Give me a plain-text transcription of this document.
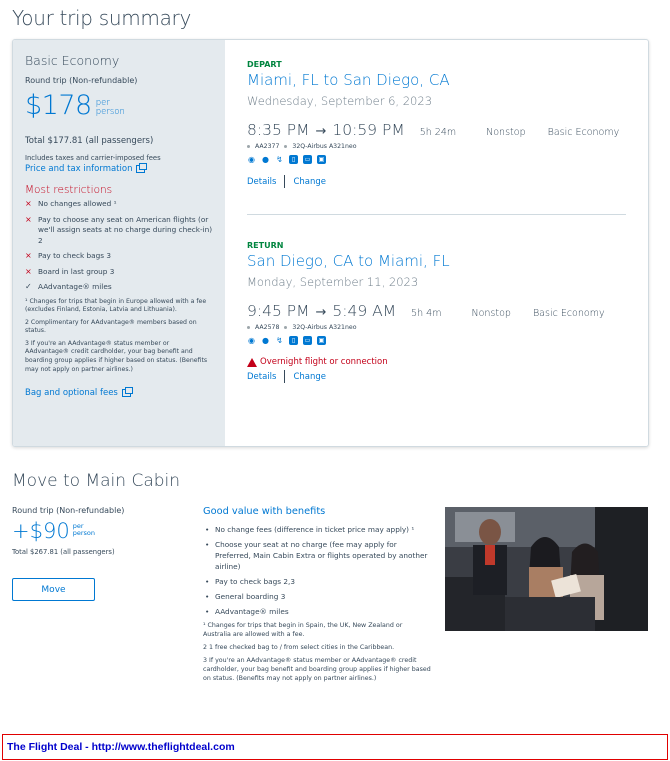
Your trip summary
Basic Economy
Round trip (Non-refundable)
$178 per
person
Total $177.81 (all passengers)
Includes taxes and carrier-imposed fees
Price and tax information
Most restrictions
× No changes allowed ¹
× Pay to choose any seat on American flights (or we'll assign seats at no charge during check-in) 2
× Pay to check bags 3
× Board in last group 3
✓ AAdvantage® miles
¹ Changes for trips that begin in Europe allowed with a fee (excludes Finland, Estonia, Latvia and Lithuania).
2 Complimentary for AAdvantage® members based on status.
3 If you're an AAdvantage® status member or AAdvantage® credit cardholder, your bag benefit and boarding group applies if higher based on status. (Benefits may not apply on partner airlines.)
Bag and optional fees
DEPART
Miami, FL to San Diego, CA
Wednesday, September 6, 2023
8:35 PM → 10:59 PM 5h 24m	Nonstop Basic Economy
AA2377 32Q-Airbus A321neo
◉ ● ↯	▯	▭ ▣
Details Change
RETURN
San Diego, CA to Miami, FL
Monday, September 11, 2023
9:45 PM → 5:49 AM 5h 4m	Nonstop Basic Economy
AA2578 32Q-Airbus A321neo
◉ ● ↯	▯	▭ ▣
Overnight flight or connection
Details Change
Move to Main Cabin
Round trip (Non-refundable)
+$90 per
person
Total $267.81 (all passengers)
Move
Good value with benefits
• No change fees (difference in ticket price may apply) ¹
• Choose your seat at no charge (fee may apply for Preferred, Main Cabin Extra or flights operated by another airline)
• Pay to check bags 2,3
• General boarding 3
• AAdvantage® miles
¹ Changes for trips that begin in Spain, the UK, New Zealand or Australia are allowed with a fee.
2 1 free checked bag to / from select cities in the Caribbean.
3 If you're an AAdvantage® status member or AAdvantage® credit cardholder, your bag benefit and boarding group applies if higher based on status. (Benefits may not apply on partner airlines.)
The Flight Deal - http://www.theflightdeal.com
